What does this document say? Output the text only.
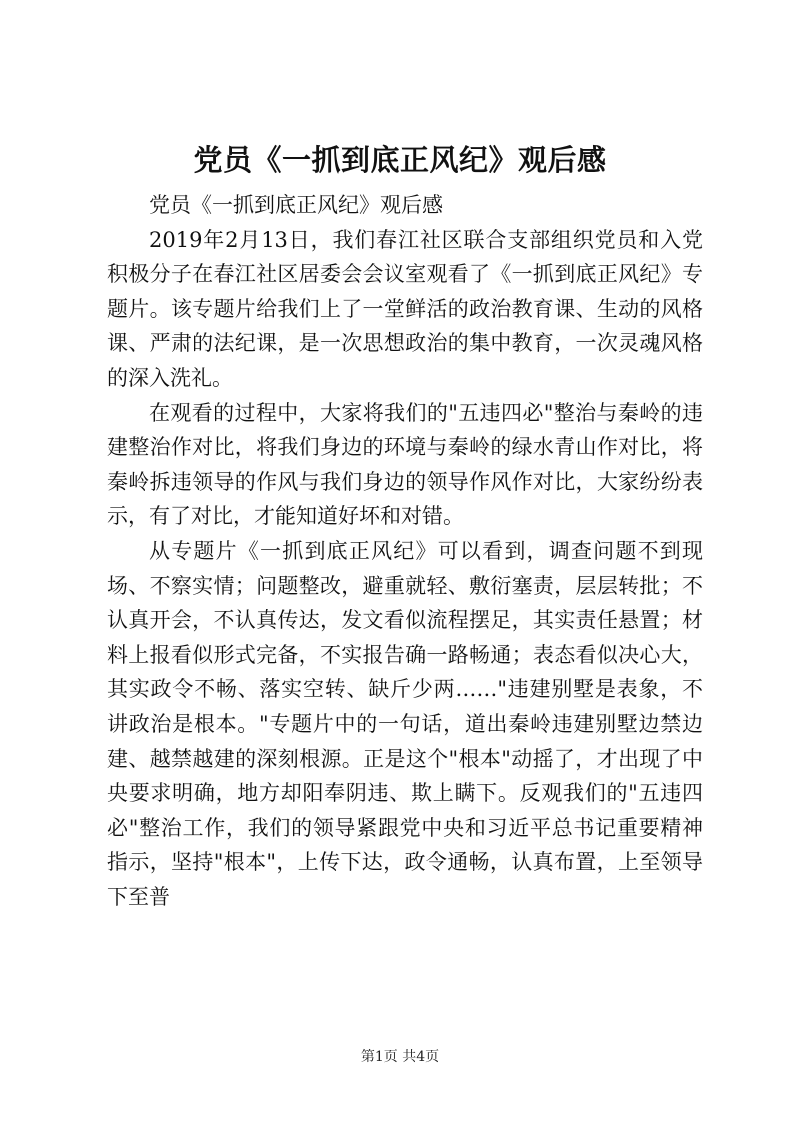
党员《一抓到底正风纪》观后感

党员《一抓到底正风纪》观后感

2019年2月13日，我们春江社区联合支部组织党员和入党积极分子在春江社区居委会会议室观看了《一抓到底正风纪》专题片。该专题片给我们上了一堂鲜活的政治教育课、生动的风格课、严肃的法纪课，是一次思想政治的集中教育，一次灵魂风格的深入洗礼。

在观看的过程中，大家将我们的"五违四必"整治与秦岭的违建整治作对比，将我们身边的环境与秦岭的绿水青山作对比，将秦岭拆违领导的作风与我们身边的领导作风作对比，大家纷纷表示，有了对比，才能知道好坏和对错。

从专题片《一抓到底正风纪》可以看到，调查问题不到现场、不察实情；问题整改，避重就轻、敷衍塞责，层层转批；不认真开会，不认真传达，发文看似流程摆足，其实责任悬置；材料上报看似形式完备，不实报告确一路畅通；表态看似决心大，其实政令不畅、落实空转、缺斤少两……"违建别墅是表象，不讲政治是根本。"专题片中的一句话，道出秦岭违建别墅边禁边建、越禁越建的深刻根源。正是这个"根本"动摇了，才出现了中央要求明确，地方却阳奉阴违、欺上瞒下。反观我们的"五违四必"整治工作，我们的领导紧跟党中央和习近平总书记重要精神指示，坚持"根本"，上传下达，政令通畅，认真布置，上至领导下至普

第1页 共4页
